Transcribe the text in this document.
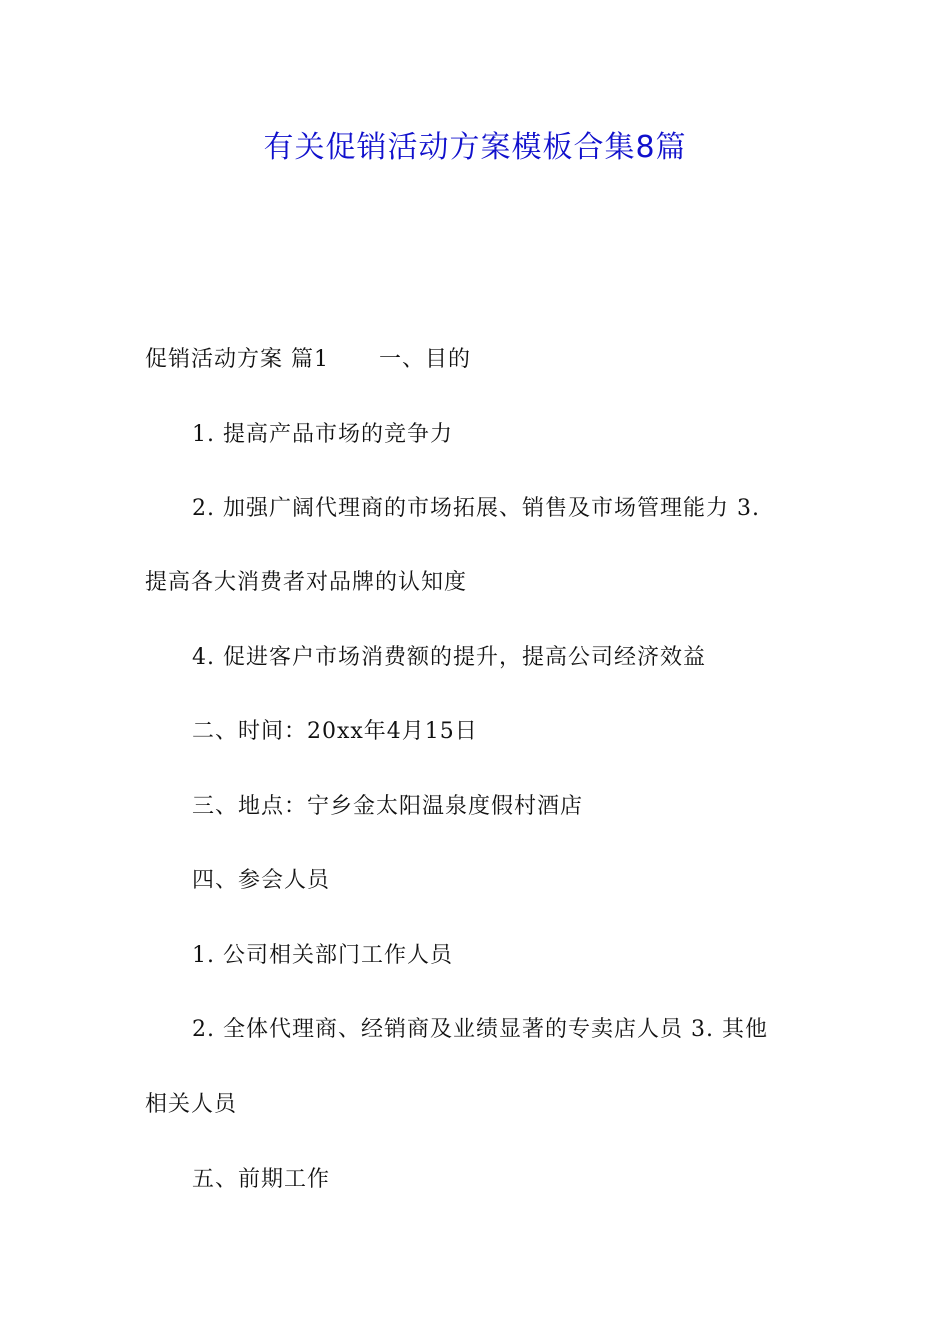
有关促销活动方案模板合集8篇
促销活动方案 篇1 一、目的
1. 提高产品市场的竞争力
2. 加强广阔代理商的市场拓展、销售及市场管理能力 3.
提高各大消费者对品牌的认知度
4. 促进客户市场消费额的提升，提高公司经济效益
二、时间：20xx年4月15日
三、地点：宁乡金太阳温泉度假村酒店
四、参会人员
1. 公司相关部门工作人员
2. 全体代理商、经销商及业绩显著的专卖店人员 3. 其他
相关人员
五、前期工作
